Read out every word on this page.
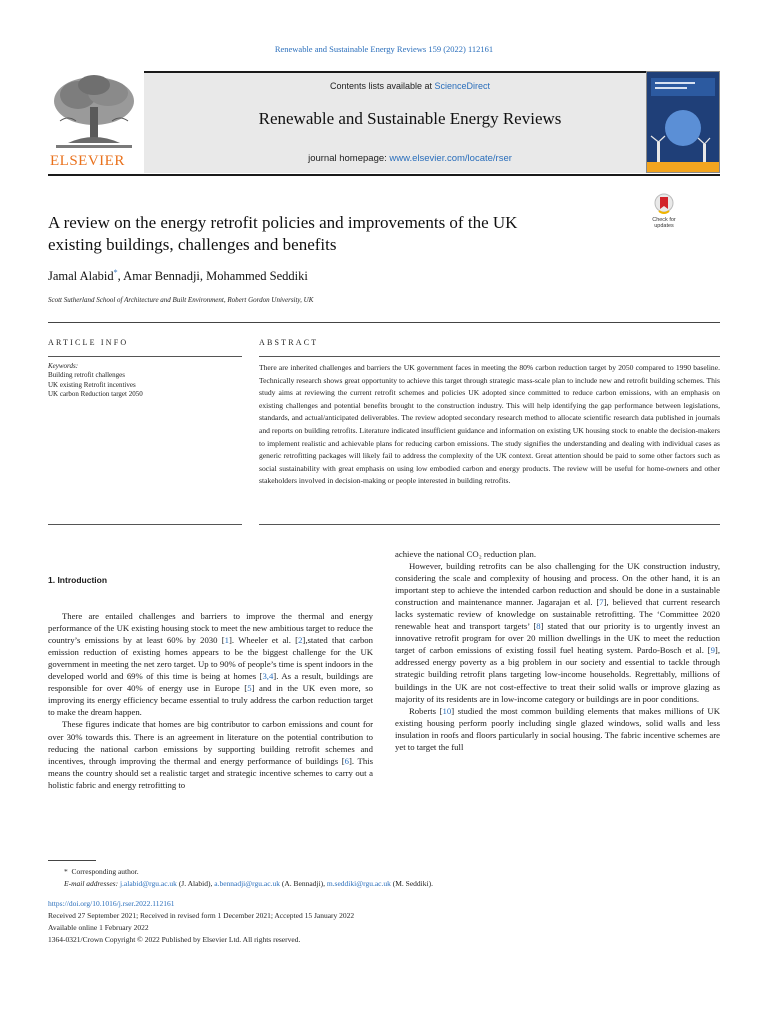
Renewable and Sustainable Energy Reviews 159 (2022) 112161
ELSEVIER
Contents lists available at ScienceDirect
Renewable and Sustainable Energy Reviews
journal homepage: www.elsevier.com/locate/rser
A review on the energy retrofit policies and improvements of the UK
existing buildings, challenges and benefits
Check for updates
Jamal Alabid*, Amar Bennadji, Mohammed Seddiki
Scott Sutherland School of Architecture and Built Environment, Robert Gordon University, UK
ARTICLE INFO
Keywords:
Building retrofit challenges
UK existing Retrofit incentives
UK carbon Reduction target 2050
ABSTRACT
There are inherited challenges and barriers the UK government faces in meeting the 80% carbon reduction target by 2050 compared to 1990 baseline. Technically research shows great opportunity to achieve this target through strategic mass-scale plan to include new and retrofit building schemes. This study aims at reviewing the current retrofit schemes and policies UK adopted since committed to reduce carbon emissions, with an emphasis on existing challenges and potential benefits brought to the construction industry. This will help identifying the gap performance between legislations, standards, and actual/anticipated deliverables. The review adopted secondary research method to allocate scientific research data published in journals and reports on building retrofits. Literature indicated insufficient guidance and information on existing UK housing stock to enable the decision-makers to implement realistic and achievable plans for reducing carbon emissions. The study signifies the understanding and dealing with individual cases as generic retrofitting packages will likely fail to address the complexity of the UK context. Great attention should be paid to some other factors such as social sustainability with great emphasis on using low embodied carbon and energy products. The review will be useful for home-owners and other stakeholders involved in decision-making or people interested in building retrofits.
1. Introduction

There are entailed challenges and barriers to improve the thermal and energy performance of the UK existing housing stock to meet the new ambitious target to reduce the country’s emissions by at least 60% by 2030 [1]. Wheeler et al. [2],stated that carbon emission reduction of existing homes appears to be the biggest challenge for the UK government in meeting the net zero target. Up to 90% of people’s time is spent indoors in the developed world and 69% of this time is being at homes [3,4]. As a result, buildings are responsible for over 40% of energy use in Europe [5] and in the UK even more, so improving its energy efficiency became essential to truly address the carbon reduction target to make the dream happen.

These figures indicate that homes are big contributor to carbon emissions and count for over 30% towards this. There is an agreement in literature on the potential contribution to reducing the national carbon emissions by supporting building retrofit schemes and incentives, through improving the thermal and energy performance of buildings [6]. This means the country should set a realistic target and strategic incentive schemes to carry out a holistic fabric and energy retrofitting to

achieve the national CO₂ reduction plan.

However, building retrofits can be also challenging for the UK construction industry, considering the scale and complexity of housing and process. On the other hand, it is an important step to achieve the intended carbon reduction and should be done in a sustainable construction and maintenance manner. Jagarajan et al. [7], believed that current research lacks systematic review of knowledge on sustainable retrofitting. The ‘Committee 2020 renewable heat and transport targets’ [8] stated that our priority is to urgently invest an innovative retrofit program for over 20 million dwellings in the UK to meet the reduction target of carbon emissions of existing fossil fuel heating system. Pardo-Bosch et al. [9], addressed energy poverty as a big problem in our society and essential to tackle through strategic building retrofit plans targeting low-income households. Regrettably, millions of buildings in the UK are not cost-effective to treat their solid walls or improve glazing as majority of its residents are in low-income category or buildings are in poor conditions.

Roberts [10] studied the most common building elements that makes millions of UK existing housing perform poorly including single glazed windows, solid walls and less insulation in roofs and floors particularly in social housing. The fabric incentive schemes are yet to target the full

* Corresponding author.
E-mail addresses: j.alabid@rgu.ac.uk (J. Alabid), a.bennadji@rgu.ac.uk (A. Bennadji), m.seddiki@rgu.ac.uk (M. Seddiki).
https://doi.org/10.1016/j.rser.2022.112161
Received 27 September 2021; Received in revised form 1 December 2021; Accepted 15 January 2022
Available online 1 February 2022
1364-0321/Crown Copyright © 2022 Published by Elsevier Ltd. All rights reserved.
